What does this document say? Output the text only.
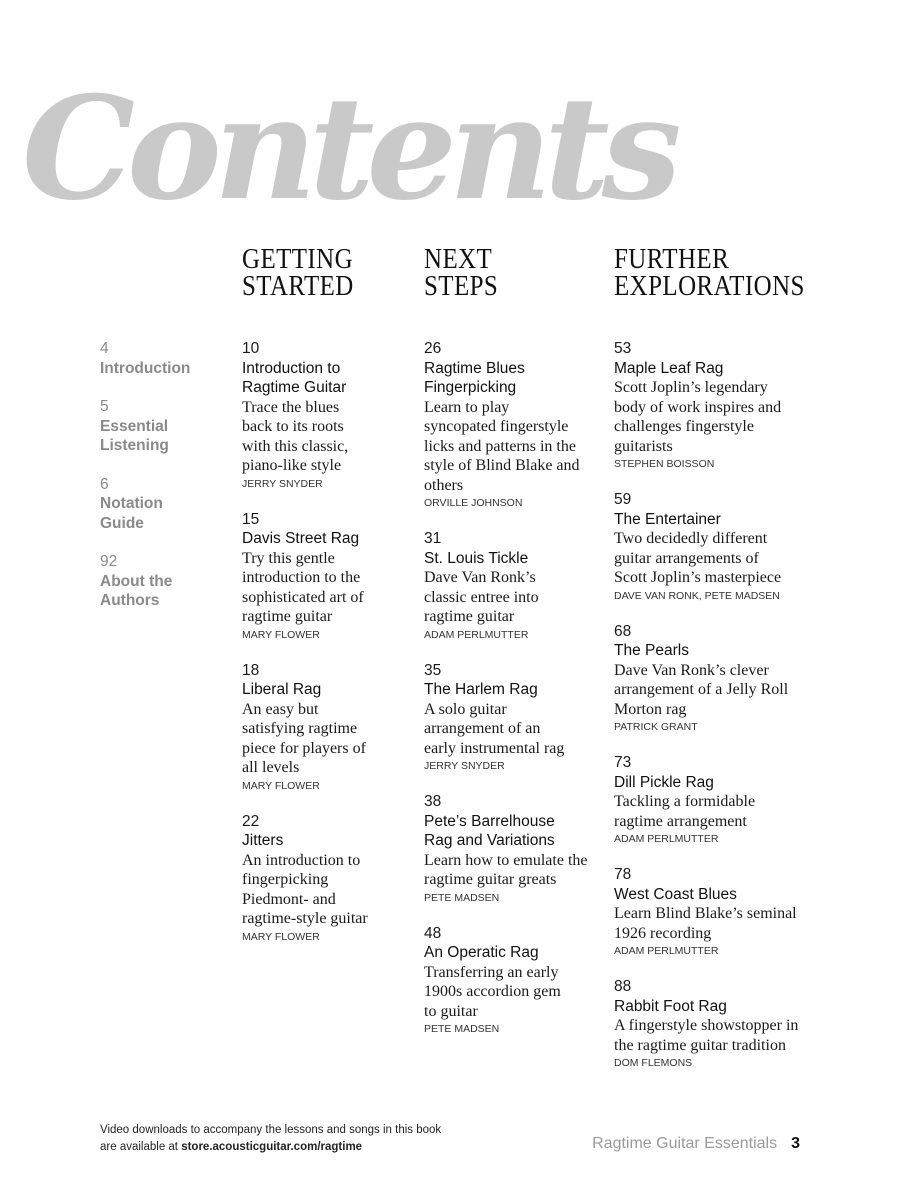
Contents
GETTING
STARTED
NEXT
STEPS
FURTHER
EXPLORATIONS
4
Introduction
5
Essential Listening
6
Notation Guide
92
About the Authors
10
Introduction to Ragtime Guitar
Trace the blues back to its roots with this classic, piano-like style
JERRY SNYDER
15
Davis Street Rag
Try this gentle introduction to the sophisticated art of ragtime guitar
MARY FLOWER
18
Liberal Rag
An easy but satisfying ragtime piece for players of all levels
MARY FLOWER
22
Jitters
An introduction to fingerpicking Piedmont- and ragtime-style guitar
MARY FLOWER
26
Ragtime Blues Fingerpicking
Learn to play syncopated fingerstyle licks and patterns in the style of Blind Blake and others
ORVILLE JOHNSON
31
St. Louis Tickle
Dave Van Ronk’s classic entree into ragtime guitar
ADAM PERLMUTTER
35
The Harlem Rag
A solo guitar arrangement of an early instrumental rag
JERRY SNYDER
38
Pete’s Barrelhouse Rag and Variations
Learn how to emulate the ragtime guitar greats
PETE MADSEN
48
An Operatic Rag
Transferring an early 1900s accordion gem to guitar
PETE MADSEN
53
Maple Leaf Rag
Scott Joplin’s legendary body of work inspires and challenges fingerstyle guitarists
STEPHEN BOISSON
59
The Entertainer
Two decidedly different guitar arrangements of Scott Joplin’s masterpiece
DAVE VAN RONK, PETE MADSEN
68
The Pearls
Dave Van Ronk’s clever arrangement of a Jelly Roll Morton rag
PATRICK GRANT
73
Dill Pickle Rag
Tackling a formidable ragtime arrangement
ADAM PERLMUTTER
78
West Coast Blues
Learn Blind Blake’s seminal 1926 recording
ADAM PERLMUTTER
88
Rabbit Foot Rag
A fingerstyle showstopper in the ragtime guitar tradition
DOM FLEMONS
Video downloads to accompany the lessons and songs in this book
are available at store.acousticguitar.com/ragtime	Ragtime Guitar Essentials 3
